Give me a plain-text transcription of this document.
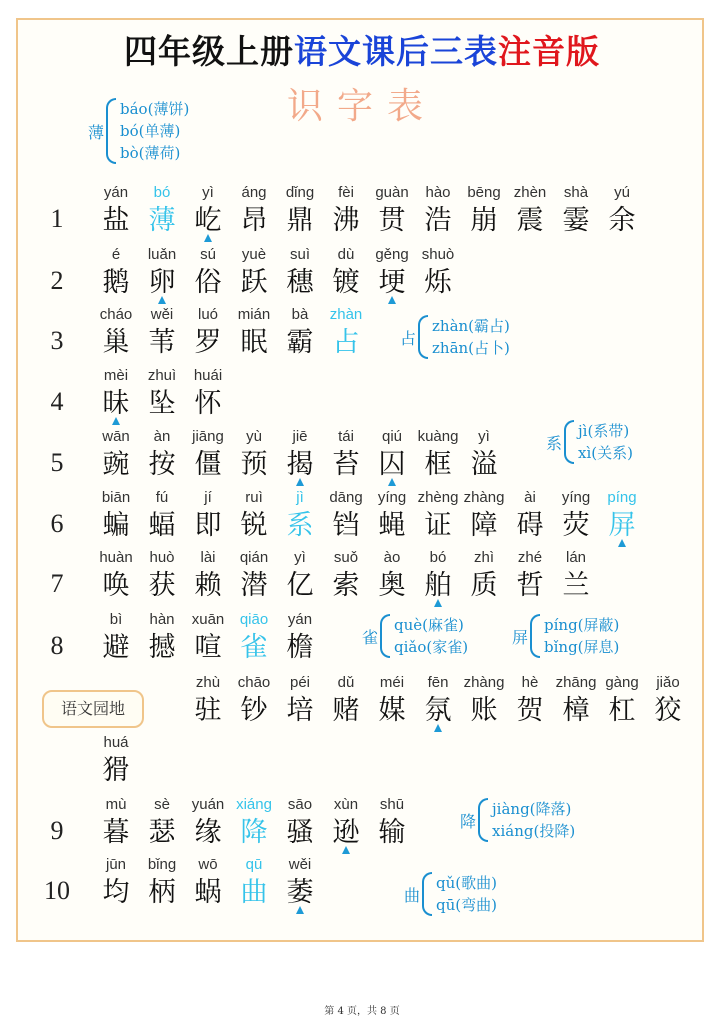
四年级上册语文课后三表注音版
识字表
薄
báo(薄饼)
bó(单薄)
bò(薄荷)
占
zhàn(霸占)
zhān(占卜)
系
jì(系带)
xì(关系)
雀
què(麻雀)
qiǎo(家雀)
屏
píng(屏蔽)
bǐng(屏息)
降
jiàng(降落)
xiáng(投降)
曲
qǔ(歌曲)
qū(弯曲)
语文园地
1
yán
盐
bó
薄
yì
屹
áng
昂
dǐng
鼎
fèi
沸
guàn
贯
hào
浩
bēng
崩
zhèn
震
shà
霎
yú
余
2
é
鹅
luǎn
卵
sú
俗
yuè
跃
suì
穗
dù
镀
gěng
埂
shuò
烁
3
cháo
巢
wěi
苇
luó
罗
mián
眠
bà
霸
zhàn
占
4
mèi
昧
zhuì
坠
huái
怀
5
wān
豌
àn
按
jiāng
僵
yù
预
jiē
揭
tái
苔
qiú
囚
kuàng
框
yì
溢
6
biān
蝙
fú
蝠
jí
即
ruì
锐
jì
系
dāng
铛
yíng
蝇
zhèng
证
zhàng
障
ài
碍
yíng
荧
píng
屏
7
huàn
唤
huò
获
lài
赖
qián
潜
yì
亿
suǒ
索
ào
奥
bó
舶
zhì
质
zhé
哲
lán
兰
8
bì
避
hàn
撼
xuān
喧
qiāo
雀
yán
檐
zhù
驻
chāo
钞
péi
培
dǔ
赌
méi
媒
fēn
氛
zhàng
账
hè
贺
zhāng
樟
gàng
杠
jiǎo
狡
huá
猾
9
mù
暮
sè
瑟
yuán
缘
xiáng
降
sāo
骚
xùn
逊
shū
输
10
jūn
均
bǐng
柄
wō
蜗
qū
曲
wěi
萎
第 4 页，共 8 页
